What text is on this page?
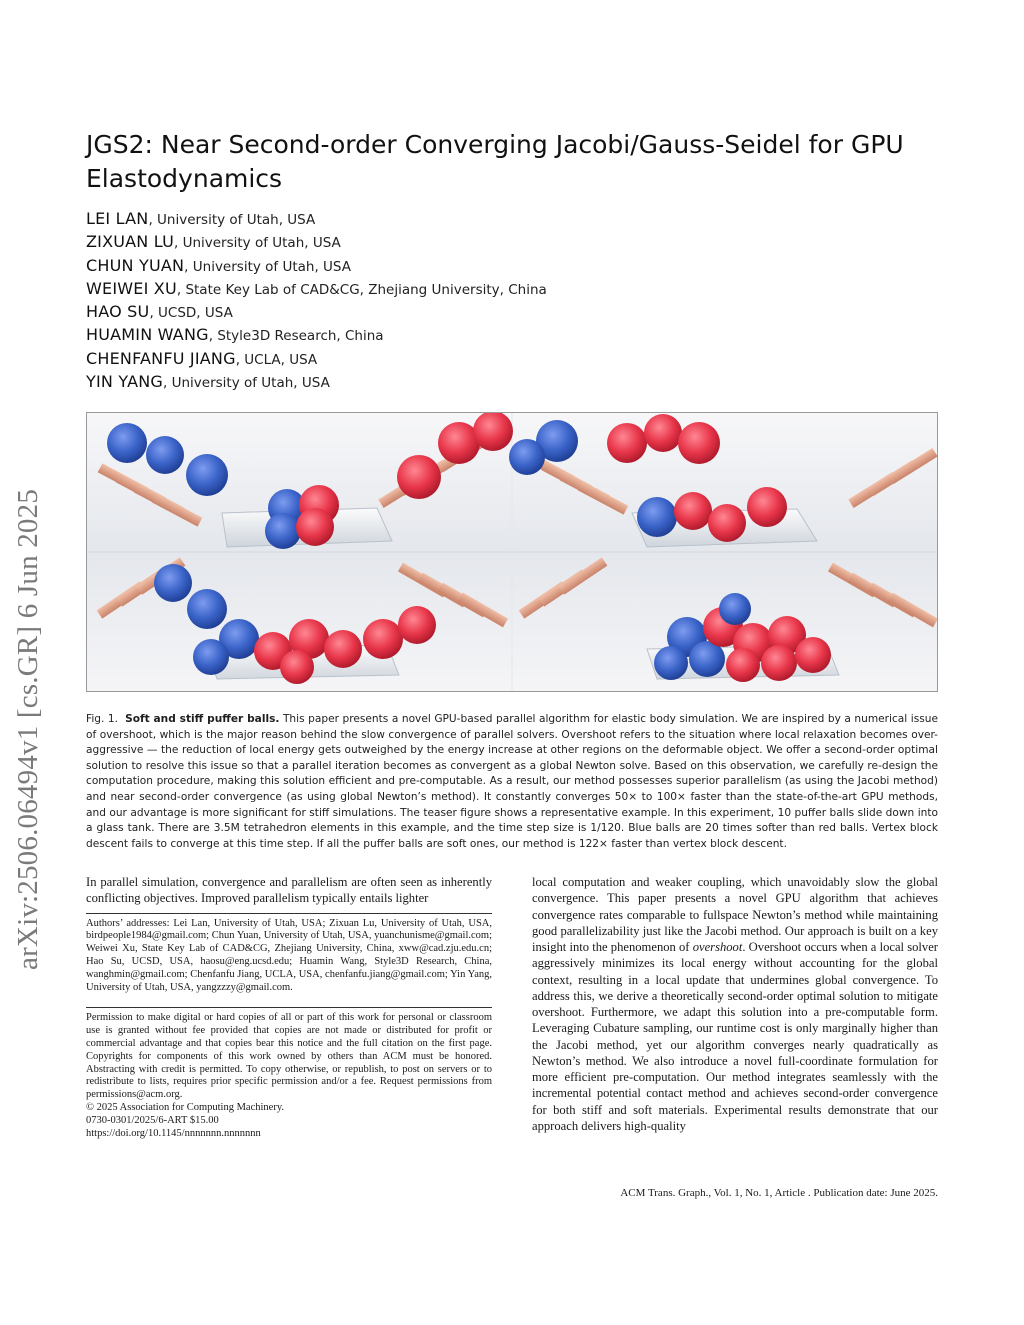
arXiv:2506.06494v1 [cs.GR] 6 Jun 2025
JGS2: Near Second-order Converging Jacobi/Gauss-Seidel for GPU Elastodynamics
LEI LAN, University of Utah, USA
ZIXUAN LU, University of Utah, USA
CHUN YUAN, University of Utah, USA
WEIWEI XU, State Key Lab of CAD&CG, Zhejiang University, China
HAO SU, UCSD, USA
HUAMIN WANG, Style3D Research, China
CHENFANFU JIANG, UCLA, USA
YIN YANG, University of Utah, USA
Fig. 1. Soft and stiff puffer balls. This paper presents a novel GPU-based parallel algorithm for elastic body simulation. We are inspired by a numerical issue of overshoot, which is the major reason behind the slow convergence of parallel solvers. Overshoot refers to the situation where local relaxation becomes over-aggressive — the reduction of local energy gets outweighed by the energy increase at other regions on the deformable object. We offer a second-order optimal solution to resolve this issue so that a parallel iteration becomes as convergent as a global Newton solve. Based on this observation, we carefully re-design the computation procedure, making this solution efficient and pre-computable. As a result, our method possesses superior parallelism (as using the Jacobi method) and near second-order convergence (as using global Newton’s method). It constantly converges 50× to 100× faster than the state-of-the-art GPU methods, and our advantage is more significant for stiff simulations. The teaser figure shows a representative example. In this experiment, 10 puffer balls slide down into a glass tank. There are 3.5M tetrahedron elements in this example, and the time step size is 1/120. Blue balls are 20 times softer than red balls. Vertex block descent fails to converge at this time step. If all the puffer balls are soft ones, our method is 122× faster than vertex block descent.

In parallel simulation, convergence and parallelism are often seen as inherently conflicting objectives. Improved parallelism typically entails lighter

Authors’ addresses: Lei Lan, University of Utah, USA; Zixuan Lu, University of Utah, USA, birdpeople1984@gmail.com; Chun Yuan, University of Utah, USA, yuanchunisme@gmail.com; Weiwei Xu, State Key Lab of CAD&CG, Zhejiang University, China, xww@cad.zju.edu.cn; Hao Su, UCSD, USA, haosu@eng.ucsd.edu; Huamin Wang, Style3D Research, China, wanghmin@gmail.com; Chenfanfu Jiang, UCLA, USA, chenfanfu.jiang@gmail.com; Yin Yang, University of Utah, USA, yangzzzy@gmail.com.

Permission to make digital or hard copies of all or part of this work for personal or classroom use is granted without fee provided that copies are not made or distributed for profit or commercial advantage and that copies bear this notice and the full citation on the first page. Copyrights for components of this work owned by others than ACM must be honored. Abstracting with credit is permitted. To copy otherwise, or republish, to post on servers or to redistribute to lists, requires prior specific permission and/or a fee. Request permissions from permissions@acm.org.

© 2025 Association for Computing Machinery.
0730-0301/2025/6-ART $15.00
https://doi.org/10.1145/nnnnnnn.nnnnnnn

local computation and weaker coupling, which unavoidably slow the global convergence. This paper presents a novel GPU algorithm that achieves convergence rates comparable to fullspace Newton’s method while maintaining good parallelizability just like the Jacobi method. Our approach is built on a key insight into the phenomenon of overshoot. Overshoot occurs when a local solver aggressively minimizes its local energy without accounting for the global context, resulting in a local update that undermines global convergence. To address this, we derive a theoretically second-order optimal solution to mitigate overshoot. Furthermore, we adapt this solution into a pre-computable form. Leveraging Cubature sampling, our runtime cost is only marginally higher than the Jacobi method, yet our algorithm converges nearly quadratically as Newton’s method. We also introduce a novel full-coordinate formulation for more efficient pre-computation. Our method integrates seamlessly with the incremental potential contact method and achieves second-order convergence for both stiff and soft materials. Experimental results demonstrate that our approach delivers high-quality

ACM Trans. Graph., Vol. 1, No. 1, Article . Publication date: June 2025.
